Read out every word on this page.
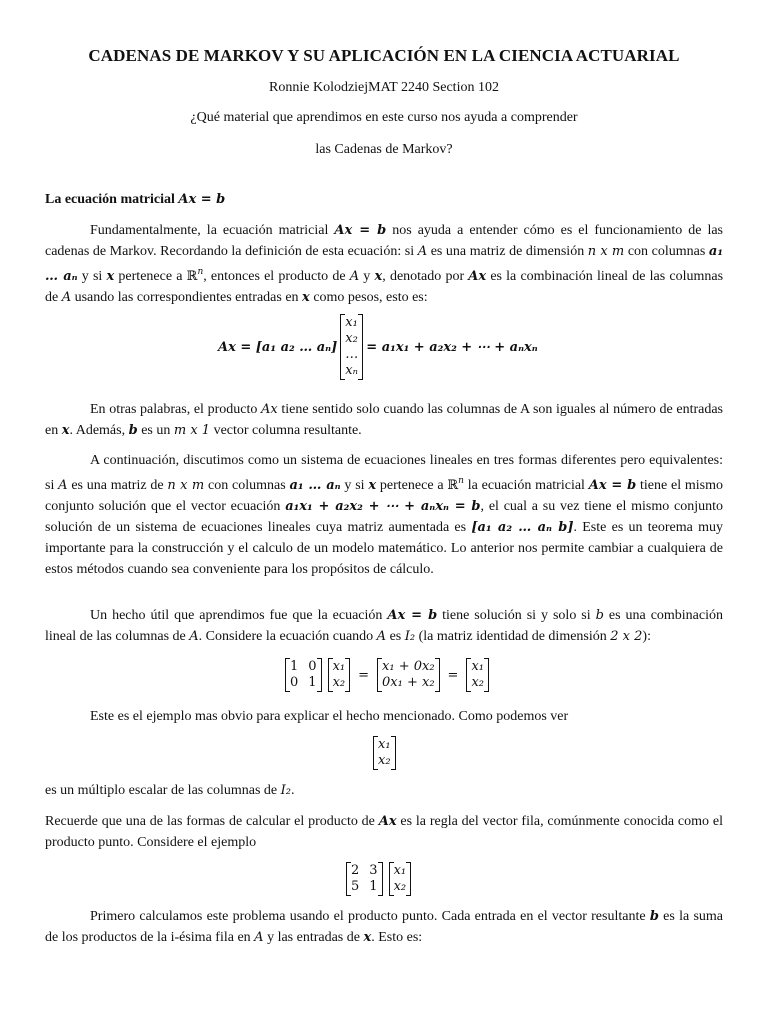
CADENAS DE MARKOV Y SU APLICACIÓN EN LA CIENCIA ACTUARIAL
Ronnie KolodziejMAT 2240 Section 102
¿Qué material que aprendimos en este curso nos ayuda a comprender
las Cadenas de Markov?
La ecuación matricial Ax = b
Fundamentalmente, la ecuación matricial Ax = b nos ayuda a entender cómo es el funcionamiento de las cadenas de Markov. Recordando la definición de esta ecuación: si A es una matriz de dimensión n x m con columnas a₁ … aₙ y si x pertenece a ℝ$^n$, entonces el producto de A y x, denotado por Ax es la combinación lineal de las columnas de A usando las correspondientes entradas en x como pesos, esto es:
Ax = [a₁ a₂ … aₙ]
x₁
x₂
…
xₙ
= a₁x₁ + a₂x₂ + ⋯ + aₙxₙ
En otras palabras, el producto Ax tiene sentido solo cuando las columnas de A son iguales al número de entradas en x. Además, b es un m x 1 vector columna resultante.
A continuación, discutimos como un sistema de ecuaciones lineales en tres formas diferentes pero equivalentes: si A es una matriz de n x m con columnas a₁ … aₙ y si x pertenece a ℝ$^n$ la ecuación matricial Ax = b tiene el mismo conjunto solución que el vector ecuación a₁x₁ + a₂x₂ + ⋯ + aₙxₙ = b, el cual a su vez tiene el mismo conjunto solución de un sistema de ecuaciones lineales cuya matriz aumentada es [a₁ a₂ … aₙ b]. Este es un teorema muy importante para la construcción y el calculo de un modelo matemático. Lo anterior nos permite cambiar a cualquiera de estos métodos cuando sea conveniente para los propósitos de cálculo.
Un hecho útil que aprendimos fue que la ecuación Ax = b tiene solución si y solo si b es una combinación lineal de las columnas de A. Considere la ecuación cuando A es I₂ (la matriz identidad de dimensión 2 x 2):
1 0
0 1
x₁
x₂ =
x₁ + 0x₂
0x₁ + x₂ =
x₁
x₂
Este es el ejemplo mas obvio para explicar el hecho mencionado. Como podemos ver
x₁
x₂
es un múltiplo escalar de las columnas de I₂.
Recuerde que una de las formas de calcular el producto de Ax es la regla del vector fila, comúnmente conocida como el producto punto. Considere el ejemplo
2 3
5 1
x₁
x₂
Primero calculamos este problema usando el producto punto. Cada entrada en el vector resultante b es la suma de los productos de la i-ésima fila en A y las entradas de x. Esto es:
